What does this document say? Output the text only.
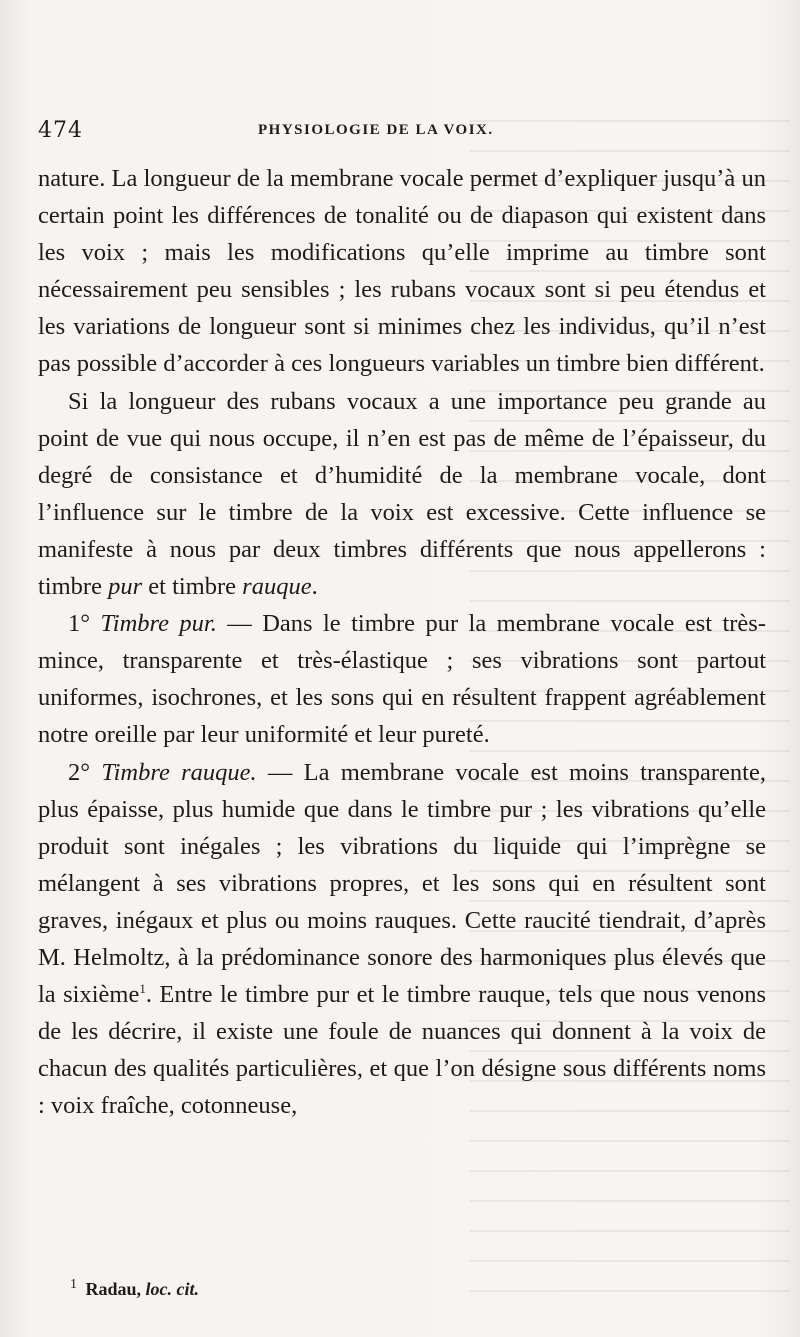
474	PHYSIOLOGIE DE LA VOIX.

nature. La longueur de la membrane vocale permet d’expliquer jusqu’à un certain point les différences de tonalité ou de diapason qui existent dans les voix ; mais les modifications qu’elle imprime au timbre sont nécessairement peu sensibles ; les rubans vocaux sont si peu étendus et les variations de longueur sont si minimes chez les individus, qu’il n’est pas possible d’accorder à ces longueurs variables un timbre bien différent.

Si la longueur des rubans vocaux a une importance peu grande au point de vue qui nous occupe, il n’en est pas de même de l’épaisseur, du degré de consistance et d’humidité de la membrane vocale, dont l’influence sur le timbre de la voix est excessive. Cette influence se manifeste à nous par deux timbres différents que nous appellerons : timbre pur et timbre rauque.

1° Timbre pur. — Dans le timbre pur la membrane vocale est très-mince, transparente et très-élastique ; ses vibrations sont partout uniformes, isochrones, et les sons qui en résultent frappent agréablement notre oreille par leur uniformité et leur pureté.

2° Timbre rauque. — La membrane vocale est moins transparente, plus épaisse, plus humide que dans le timbre pur ; les vibrations qu’elle produit sont inégales ; les vibrations du liquide qui l’imprègne se mélangent à ses vibrations propres, et les sons qui en résultent sont graves, inégaux et plus ou moins rauques. Cette raucité tiendrait, d’après M. Helmoltz, à la prédominance sonore des harmoniques plus élevés que la sixième$^1$. Entre le timbre pur et le timbre rauque, tels que nous venons de les décrire, il existe une foule de nuances qui donnent à la voix de chacun des qualités particulières, et que l’on désigne sous différents noms : voix fraîche, cotonneuse,

$^1$ Radau, loc. cit.
